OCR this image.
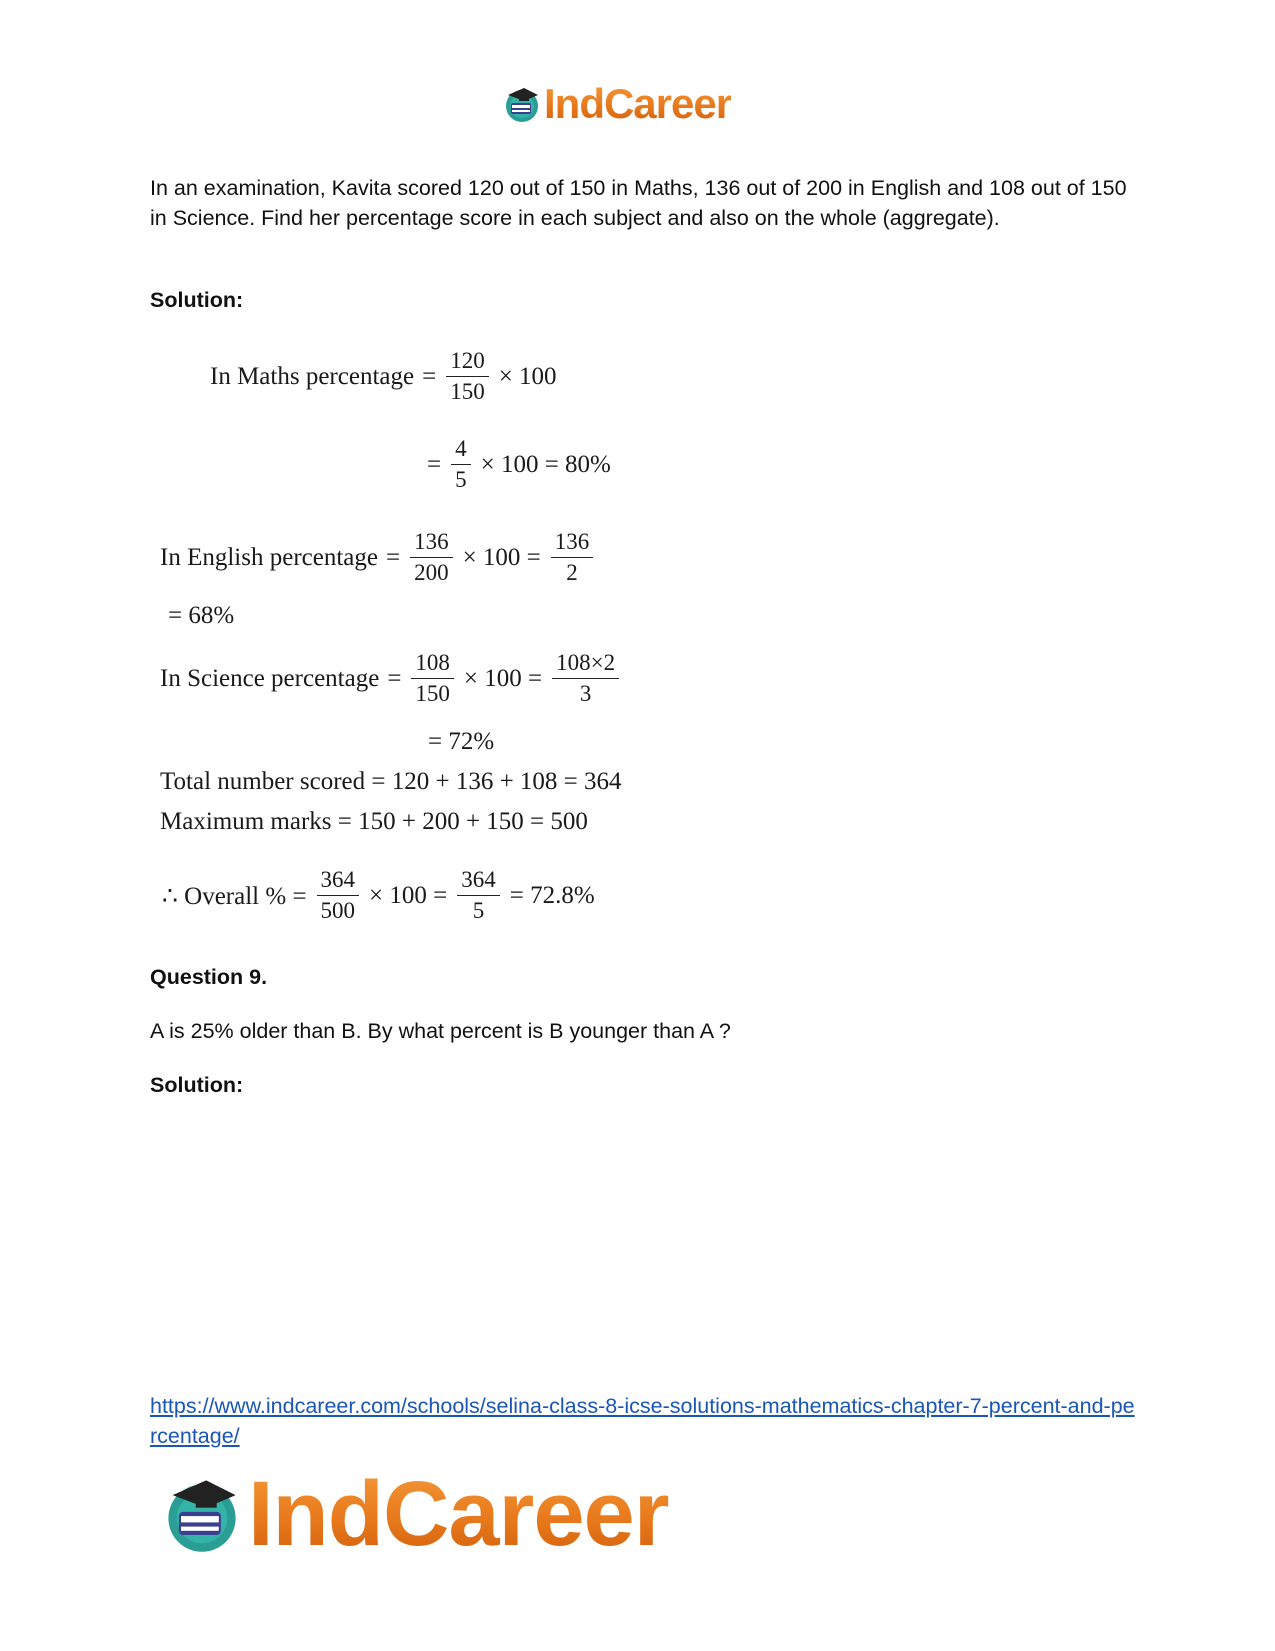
IndCareer
In an examination, Kavita scored 120 out of 150 in Maths, 136 out of 200 in English and 108 out of 150 in Science. Find her percentage score in each subject and also on the whole (aggregate).
Solution:
In Maths percentage = $\frac{120}{150} \times 100$
= $\frac{4}{5} \times 100 = 80\%$
In English percentage = $\frac{136}{200} \times 100 = \frac{136}{2}$
= 68%
In Science percentage = $\frac{108}{150} \times 100 = \frac{108\times 2}{3}$
= 72%
Total number scored = 120 + 136 + 108 = 364
Maximum marks = 150 + 200 + 150 = 500
∴ Overall % = $\frac{364}{500} \times 100 = \frac{364}{5} = 72.8\%$
Question 9.
A is 25% older than B. By what percent is B younger than A ?
Solution:
https://www.indcareer.com/schools/selina-class-8-icse-solutions-mathematics-chapter-7-percent-and-percentage/
IndCareer
